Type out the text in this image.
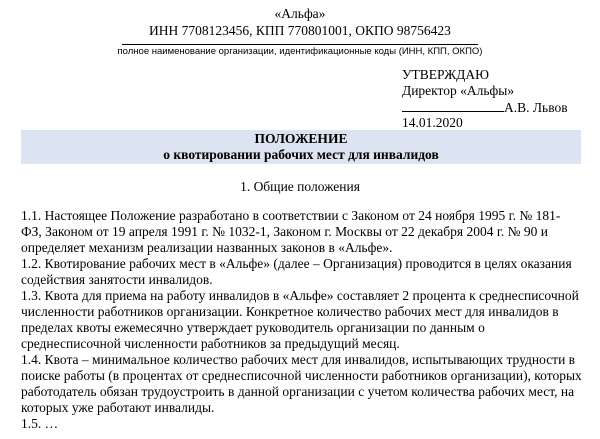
«Альфа»
ИНН 7708123456, КПП 770801001, ОКПО 98756423
полное наименование организации, идентификационные коды (ИНН, КПП, ОКПО)
УТВЕРЖДАЮ
Директор «Альфы»
А.В. Львов
14.01.2020
ПОЛОЖЕНИЕ
о квотировании рабочих мест для инвалидов
1. Общие положения
1.1. Настоящее Положение разработано в соответствии с Законом от 24 ноября 1995 г. № 181-
ФЗ, Законом от 19 апреля 1991 г. № 1032-1, Законом г. Москвы от 22 декабря 2004 г. № 90 и
определяет механизм реализации названных законов в «Альфе».
1.2. Квотирование рабочих мест в «Альфе» (далее – Организация) проводится в целях оказания
содействия занятости инвалидов.
1.3. Квота для приема на работу инвалидов в «Альфе» составляет 2 процента к среднесписочной
численности работников организации. Конкретное количество рабочих мест для инвалидов в
пределах квоты ежемесячно утверждает руководитель организации по данным о
среднесписочной численности работников за предыдущий месяц.
1.4. Квота – минимальное количество рабочих мест для инвалидов, испытывающих трудности в
поиске работы (в процентах от среднесписочной численности работников организации), которых
работодатель обязан трудоустроить в данной организации с учетом количества рабочих мест, на
которых уже работают инвалиды.
1.5. …
